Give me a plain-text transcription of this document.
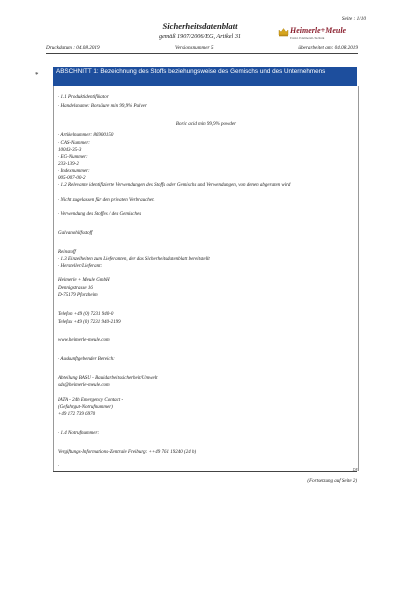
Seite : 1/10
Sicherheitsdatenblatt
gemäß 1907/2006/EG, Artikel 31
Heimerle+Meule
Erstkl. Edelmetall-Technik
Druckdatum : 04.08.2019	Versionsnummer 5	überarbeitet am: 04.08.2019
*	ABSCHNITT 1: Bezeichnung des Stoffs beziehungsweise des Gemischs und des Unternehmens
· 1.1 Produktidentifikator
· Handelsname: Borsäure min 99,9% Pulver
Boric acid min 99,9% powder
· Artikelnummer: 86900150
· CAS-Nummer:
10043-35-3
· EG-Nummer:
233-139-2
· Indexnummer:
005-007-00-2
· 1.2 Relevante identifizierte Verwendungen des Stoffs oder Gemischs und Verwendungen, von denen abgeraten wird
· Nicht zugelassen für den privaten Verbraucher.
· Verwendung des Stoffes / des Gemisches
Galvanohilfsstoff
Reinstoff
· 1.3 Einzelheiten zum Lieferanten, der das Sicherheitsdatenblatt bereitstellt
· Hersteller/Lieferant:
Heimerle + Meule GmbH
Dennigstrasse 16
D-75179 Pforzheim
Telefon +49 (0) 7231 940-0
Telefax +49 (0) 7231 940-2199
www.heimerle-meule.com
· Auskunftgebender Bereich:
Abteilung BASU - Bauidarbeitssicherheit/Umwelt
sds@heimerle-meule.com
IATA - 24h Emergency Contact -
(Gefahrgut-Notrufnummer)
+49 172 739 6970
· 1.4 Notrufnummer:
Vergiftungs-Informations-Zentrale Freiburg: ++49 761 19240 (24 h)
.
DE
(Fortsetzung auf Seite 2)
